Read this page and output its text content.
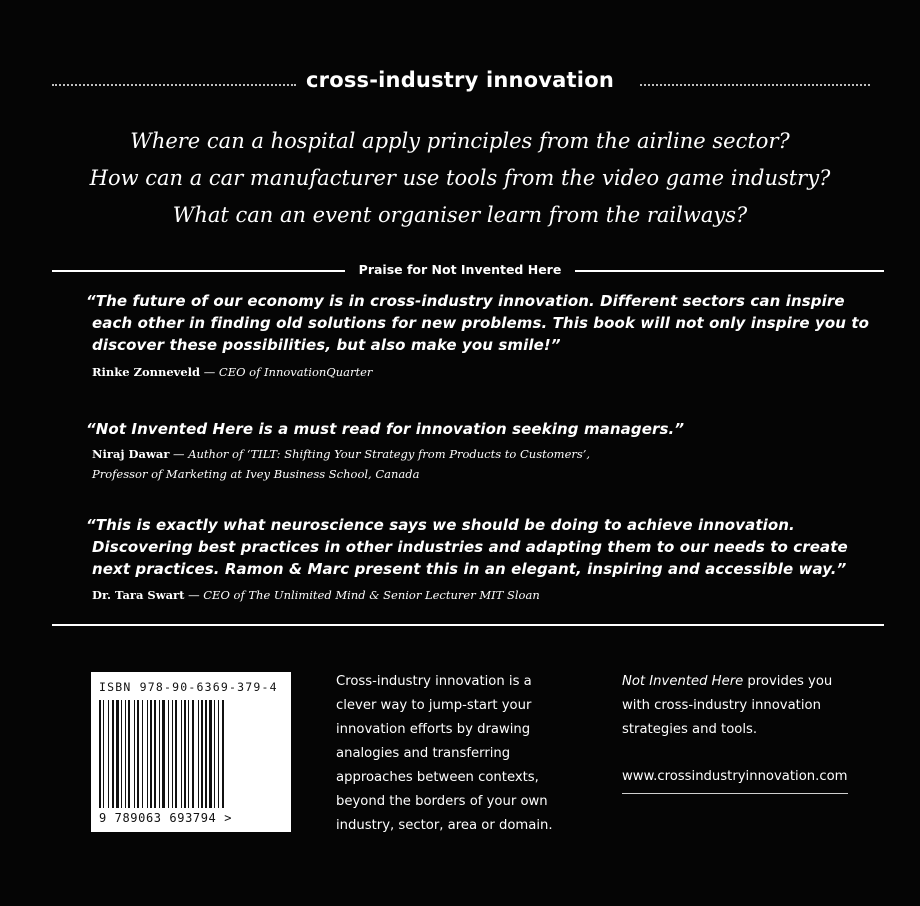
cross-industry innovation
Where can a hospital apply principles from the airline sector?
How can a car manufacturer use tools from the video game industry?
What can an event organiser learn from the railways?
Praise for Not Invented Here
“The future of our economy is in cross-industry innovation. Different sectors can inspire
each other in finding old solutions for new problems. This book will not only inspire you to
discover these possibilities, but also make you smile!”
Rinke Zonneveld — CEO of InnovationQuarter
“Not Invented Here is a must read for innovation seeking managers.”
Niraj Dawar — Author of ‘TILT: Shifting Your Strategy from Products to Customers’,
Professor of Marketing at Ivey Business School, Canada
“This is exactly what neuroscience says we should be doing to achieve innovation.
Discovering best practices in other industries and adapting them to our needs to create
next practices. Ramon & Marc present this in an elegant, inspiring and accessible way.”
Dr. Tara Swart — CEO of The Unlimited Mind & Senior Lecturer MIT Sloan
ISBN 978-90-6369-379-4
9 789063 693794 >
Cross-industry innovation is a
clever way to jump-start your
innovation efforts by drawing
analogies and transferring
approaches between contexts,
beyond the borders of your own
industry, sector, area or domain.
Not Invented Here provides you
with cross-industry innovation
strategies and tools.
www.crossindustryinnovation.com
